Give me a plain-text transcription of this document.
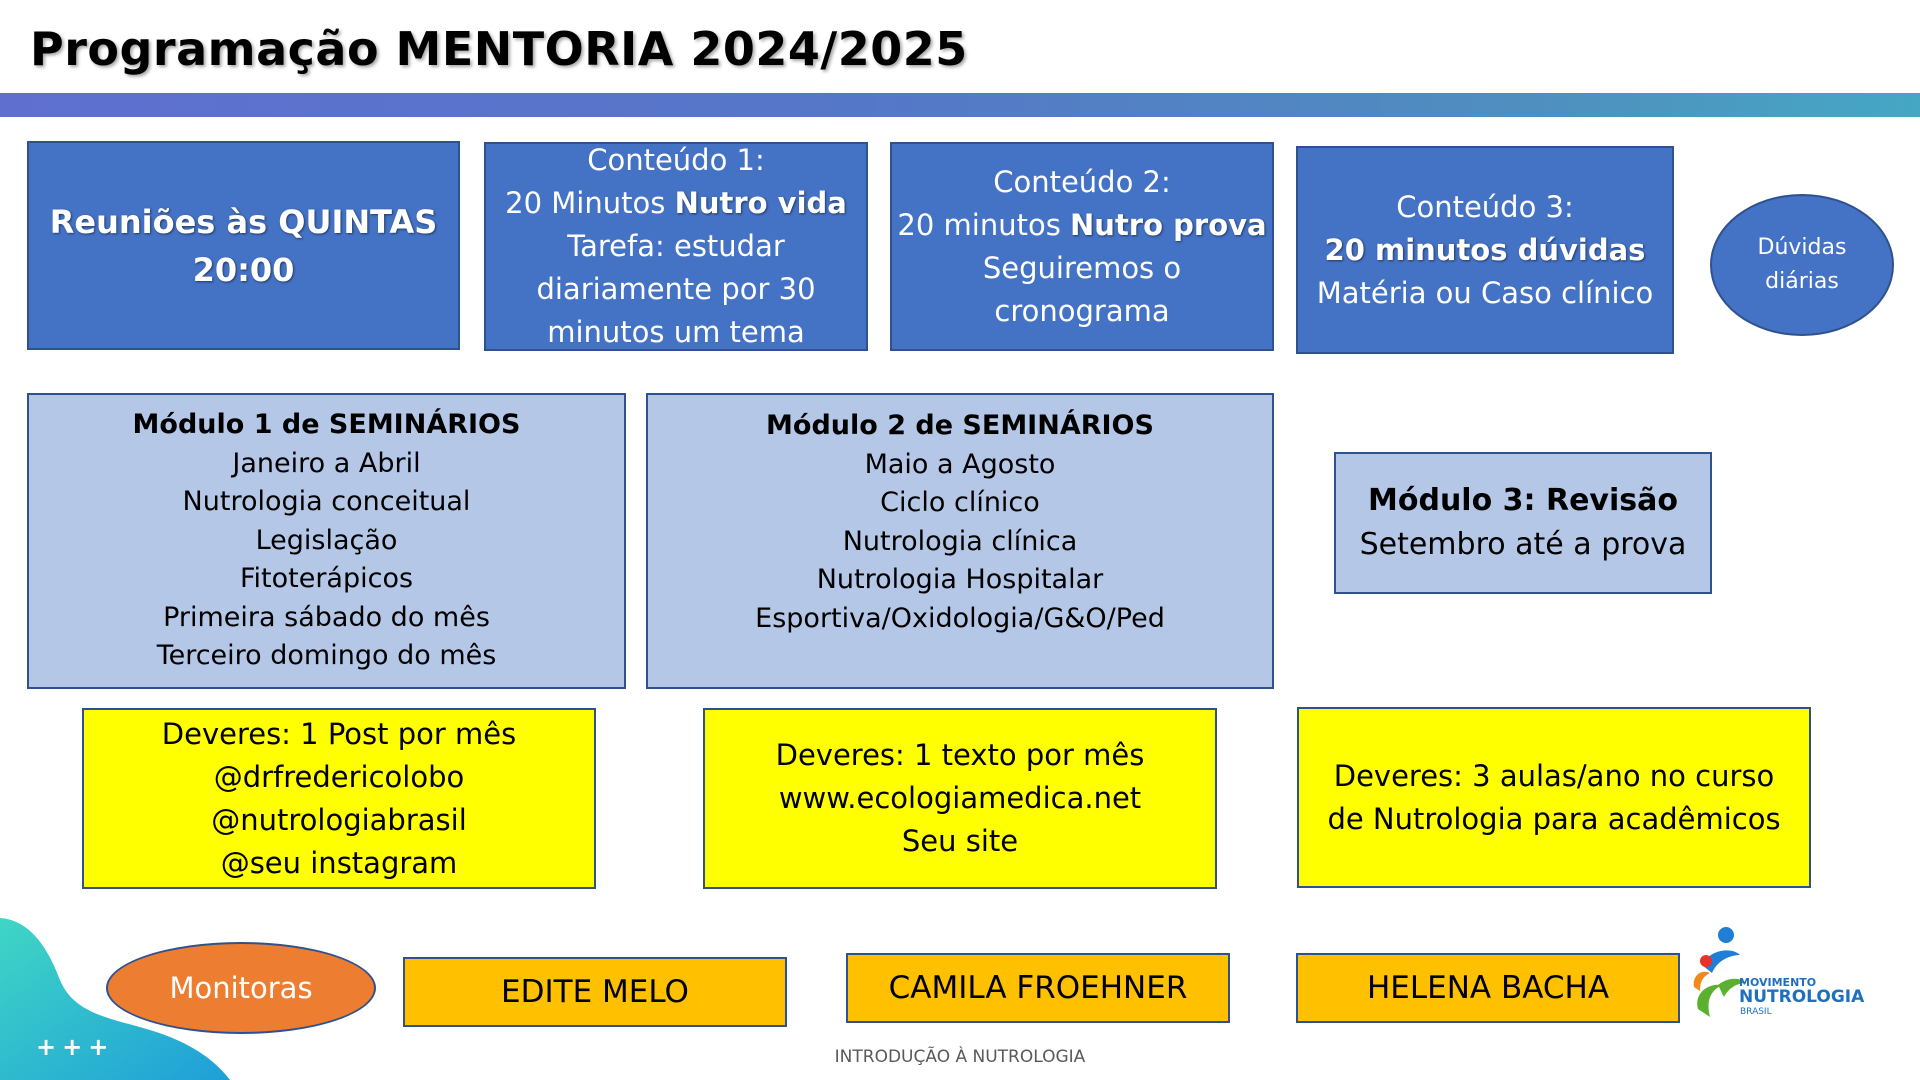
Programação MENTORIA 2024/2025
Reuniões às QUINTAS
20:00
Conteúdo 1:
20 Minutos Nutro vida
Tarefa: estudar
diariamente por 30
minutos um tema
Conteúdo 2:
20 minutos Nutro prova
Seguiremos o
cronograma
Conteúdo 3:
20 minutos dúvidas
Matéria ou Caso clínico
Dúvidas
diárias
Módulo 1 de SEMINÁRIOS
Janeiro a Abril
Nutrologia conceitual
Legislação
Fitoterápicos
Primeira sábado do mês
Terceiro domingo do mês
Módulo 2 de SEMINÁRIOS
Maio a Agosto
Ciclo clínico
Nutrologia clínica
Nutrologia Hospitalar
Esportiva/Oxidologia/G&O/Ped
Módulo 3: Revisão
Setembro até a prova
Deveres: 1 Post por mês
@drfredericolobo
@nutrologiabrasil
@seu instagram
Deveres: 1 texto por mês
www.ecologiamedica.net
Seu site
Deveres: 3 aulas/ano no curso
de Nutrologia para acadêmicos
+++
Monitoras	EDITE MELO	CAMILA FROEHNER	HELENA BACHA	MOVIMENTO
NUTROLOGIA
BRASIL
INTRODUÇÃO À NUTROLOGIA
